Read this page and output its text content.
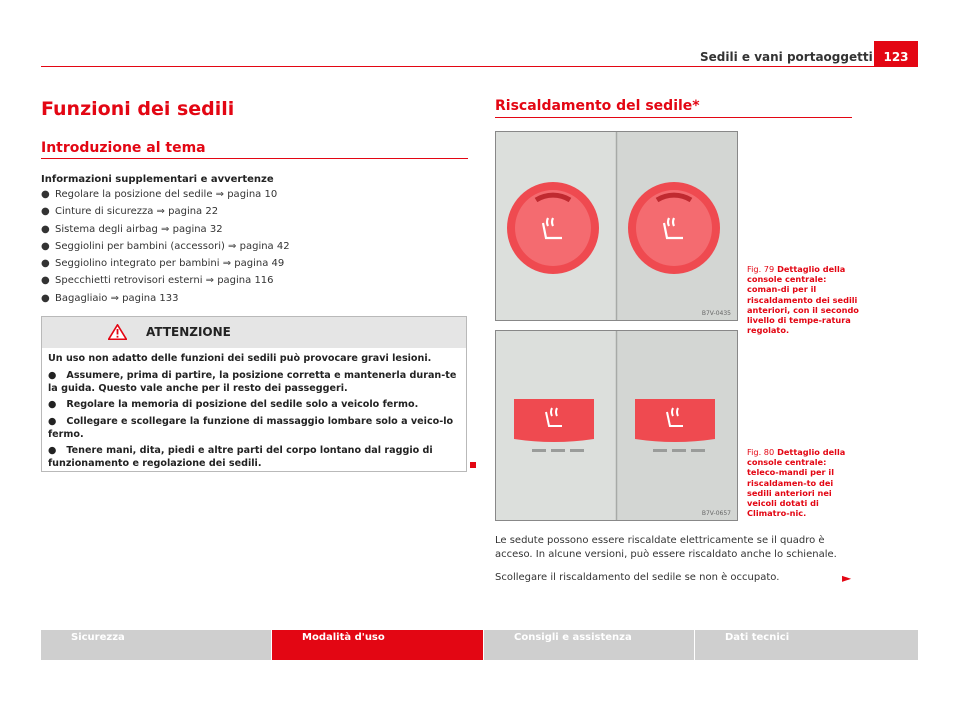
Sedili e vani portaoggetti 123
Funzioni dei sedili
Introduzione al tema
Informazioni supplementari e avvertenze
● Regolare la posizione del sedile ⇒ pagina 10
● Cinture di sicurezza ⇒ pagina 22
● Sistema degli airbag ⇒ pagina 32
● Seggiolini per bambini (accessori) ⇒ pagina 42
● Seggiolino integrato per bambini ⇒ pagina 49
● Specchietti retrovisori esterni ⇒ pagina 116
● Bagagliaio ⇒ pagina 133
ATTENZIONE

Un uso non adatto delle funzioni dei sedili può provocare gravi lesioni.

●   Assumere, prima di partire, la posizione corretta e mantenerla duran-te la guida. Questo vale anche per il resto dei passeggeri.

●   Regolare la memoria di posizione del sedile solo a veicolo fermo.

●   Collegare e scollegare la funzione di massaggio lombare solo a veico-lo fermo.

●   Tenere mani, dita, piedi e altre parti del corpo lontano dal raggio di funzionamento e regolazione dei sedili.

Riscaldamento del sedile*
B7V-0435
Fig. 79 Dettaglio della console centrale: coman-di per il riscaldamento dei sedili anteriori, con il secondo livello di tempe-ratura regolato.
B7V-0657
Fig. 80 Dettaglio della console centrale: teleco-mandi per il riscaldamen-to dei sedili anteriori nei veicoli dotati di Climatro-nic.
Le sedute possono essere riscaldate elettricamente se il quadro è acceso. In alcune versioni, può essere riscaldato anche lo schienale.
Scollegare il riscaldamento del sedile se non è occupato.	►
Sicurezza	Modalità d'uso	Consigli e assistenza	Dati tecnici
